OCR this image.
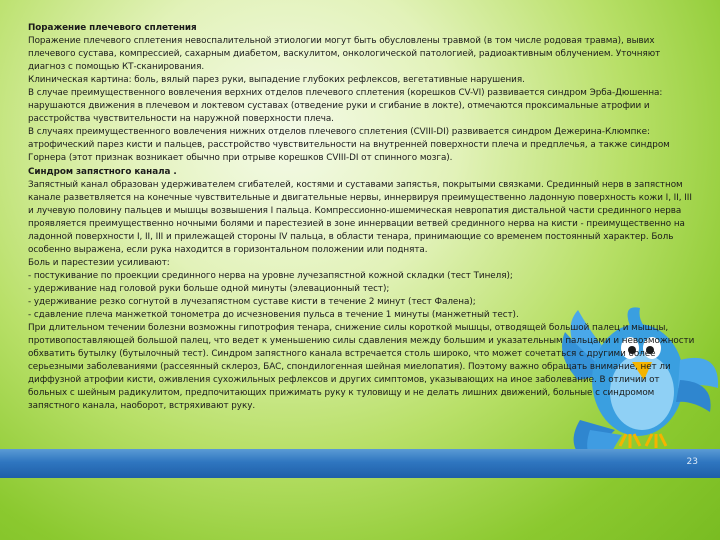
Поражение плечевого сплетения

Поражение плечевого сплетения невоспалительной этиологии могут быть обусловлены травмой (в том числе родовая травма), вывих плечевого сустава, компрессией, сахарным диабетом, васкулитом, онкологической патологией, радиоактивным облучением. Уточняют диагноз с помощью КТ-сканирования.

Клиническая картина: боль, вялый парез руки, выпадение глубоких рефлексов, вегетативные нарушения.

В случае преимущественного вовлечения верхних отделов плечевого сплетения (корешков CV-VI) развивается синдром Эрба-Дюшенна: нарушаются движения в плечевом и локтевом суставах (отведение руки и сгибание в локте), отмечаются проксимальные атрофии и расстройства чувствительности на наружной поверхности плеча.

В случаях преимущественного вовлечения нижних отделов плечевого сплетения (CVIII-DI) развивается синдром Дежерина-Клюмпке: атрофический парез кисти и пальцев, расстройство чувствительности на внутренней поверхности плеча и предплечья, а также синдром Горнера (этот признак возникает обычно при отрыве корешков CVIII-DI от спинного мозга).

Синдром запястного канала .

Запястный канал образован удерживателем сгибателей, костями и суставами запястья, покрытыми связками. Срединный нерв в запястном канале разветвляется на конечные чувствительные и двигательные нервы, иннервируя преимущественно ладонную поверхность кожи I, II, III и лучевую половину пальцев и мышцы возвышения I пальца. Компрессионно-ишемическая невропатия дистальной части срединного нерва проявляется преимущественно ночными болями и парестезией в зоне иннервации ветвей срединного нерва на кисти - преимущественно на ладонной поверхности I, II, III и прилежащей стороны IV пальца, в области тенара, принимающие со временем постоянный характер. Боль особенно выражена, если рука находится в горизонтальном положении или поднята.

Боль и парестезии усиливают:

- постукивание по проекции срединного нерва на уровне лучезапястной кожной складки (тест Тинеля);

- удерживание над головой руки больше одной минуты (элевационный тест);

- удерживание резко согнутой в лучезапястном суставе кисти в течение 2 минут (тест Фалена);

- сдавление плеча манжеткой тонометра до исчезновения пульса в течение 1 минуты (манжетный тест).

При длительном течении болезни возможны гипотрофия тенара, снижение силы короткой мышцы, отводящей большой палец и мышцы, противопоставляющей большой палец, что ведет к уменьшению силы сдавления между большим и указательным пальцами и невозможности обхватить бутылку (бутылочный тест). Синдром запястного канала встречается столь широко, что может сочетаться с другими более серьезными заболеваниями (рассеянный склероз, БАС, спондилогенная шейная миелопатия). Поэтому важно обращать внимание, нет ли диффузной атрофии кисти, оживления сухожильных рефлексов и других симптомов, указывающих на иное заболевание. В отличии от больных с шейным радикулитом, предпочитающих прижимать руку к туловищу и не делать лишних движений, больные с синдромом запястного канала, наоборот, встряхивают руку.

23
